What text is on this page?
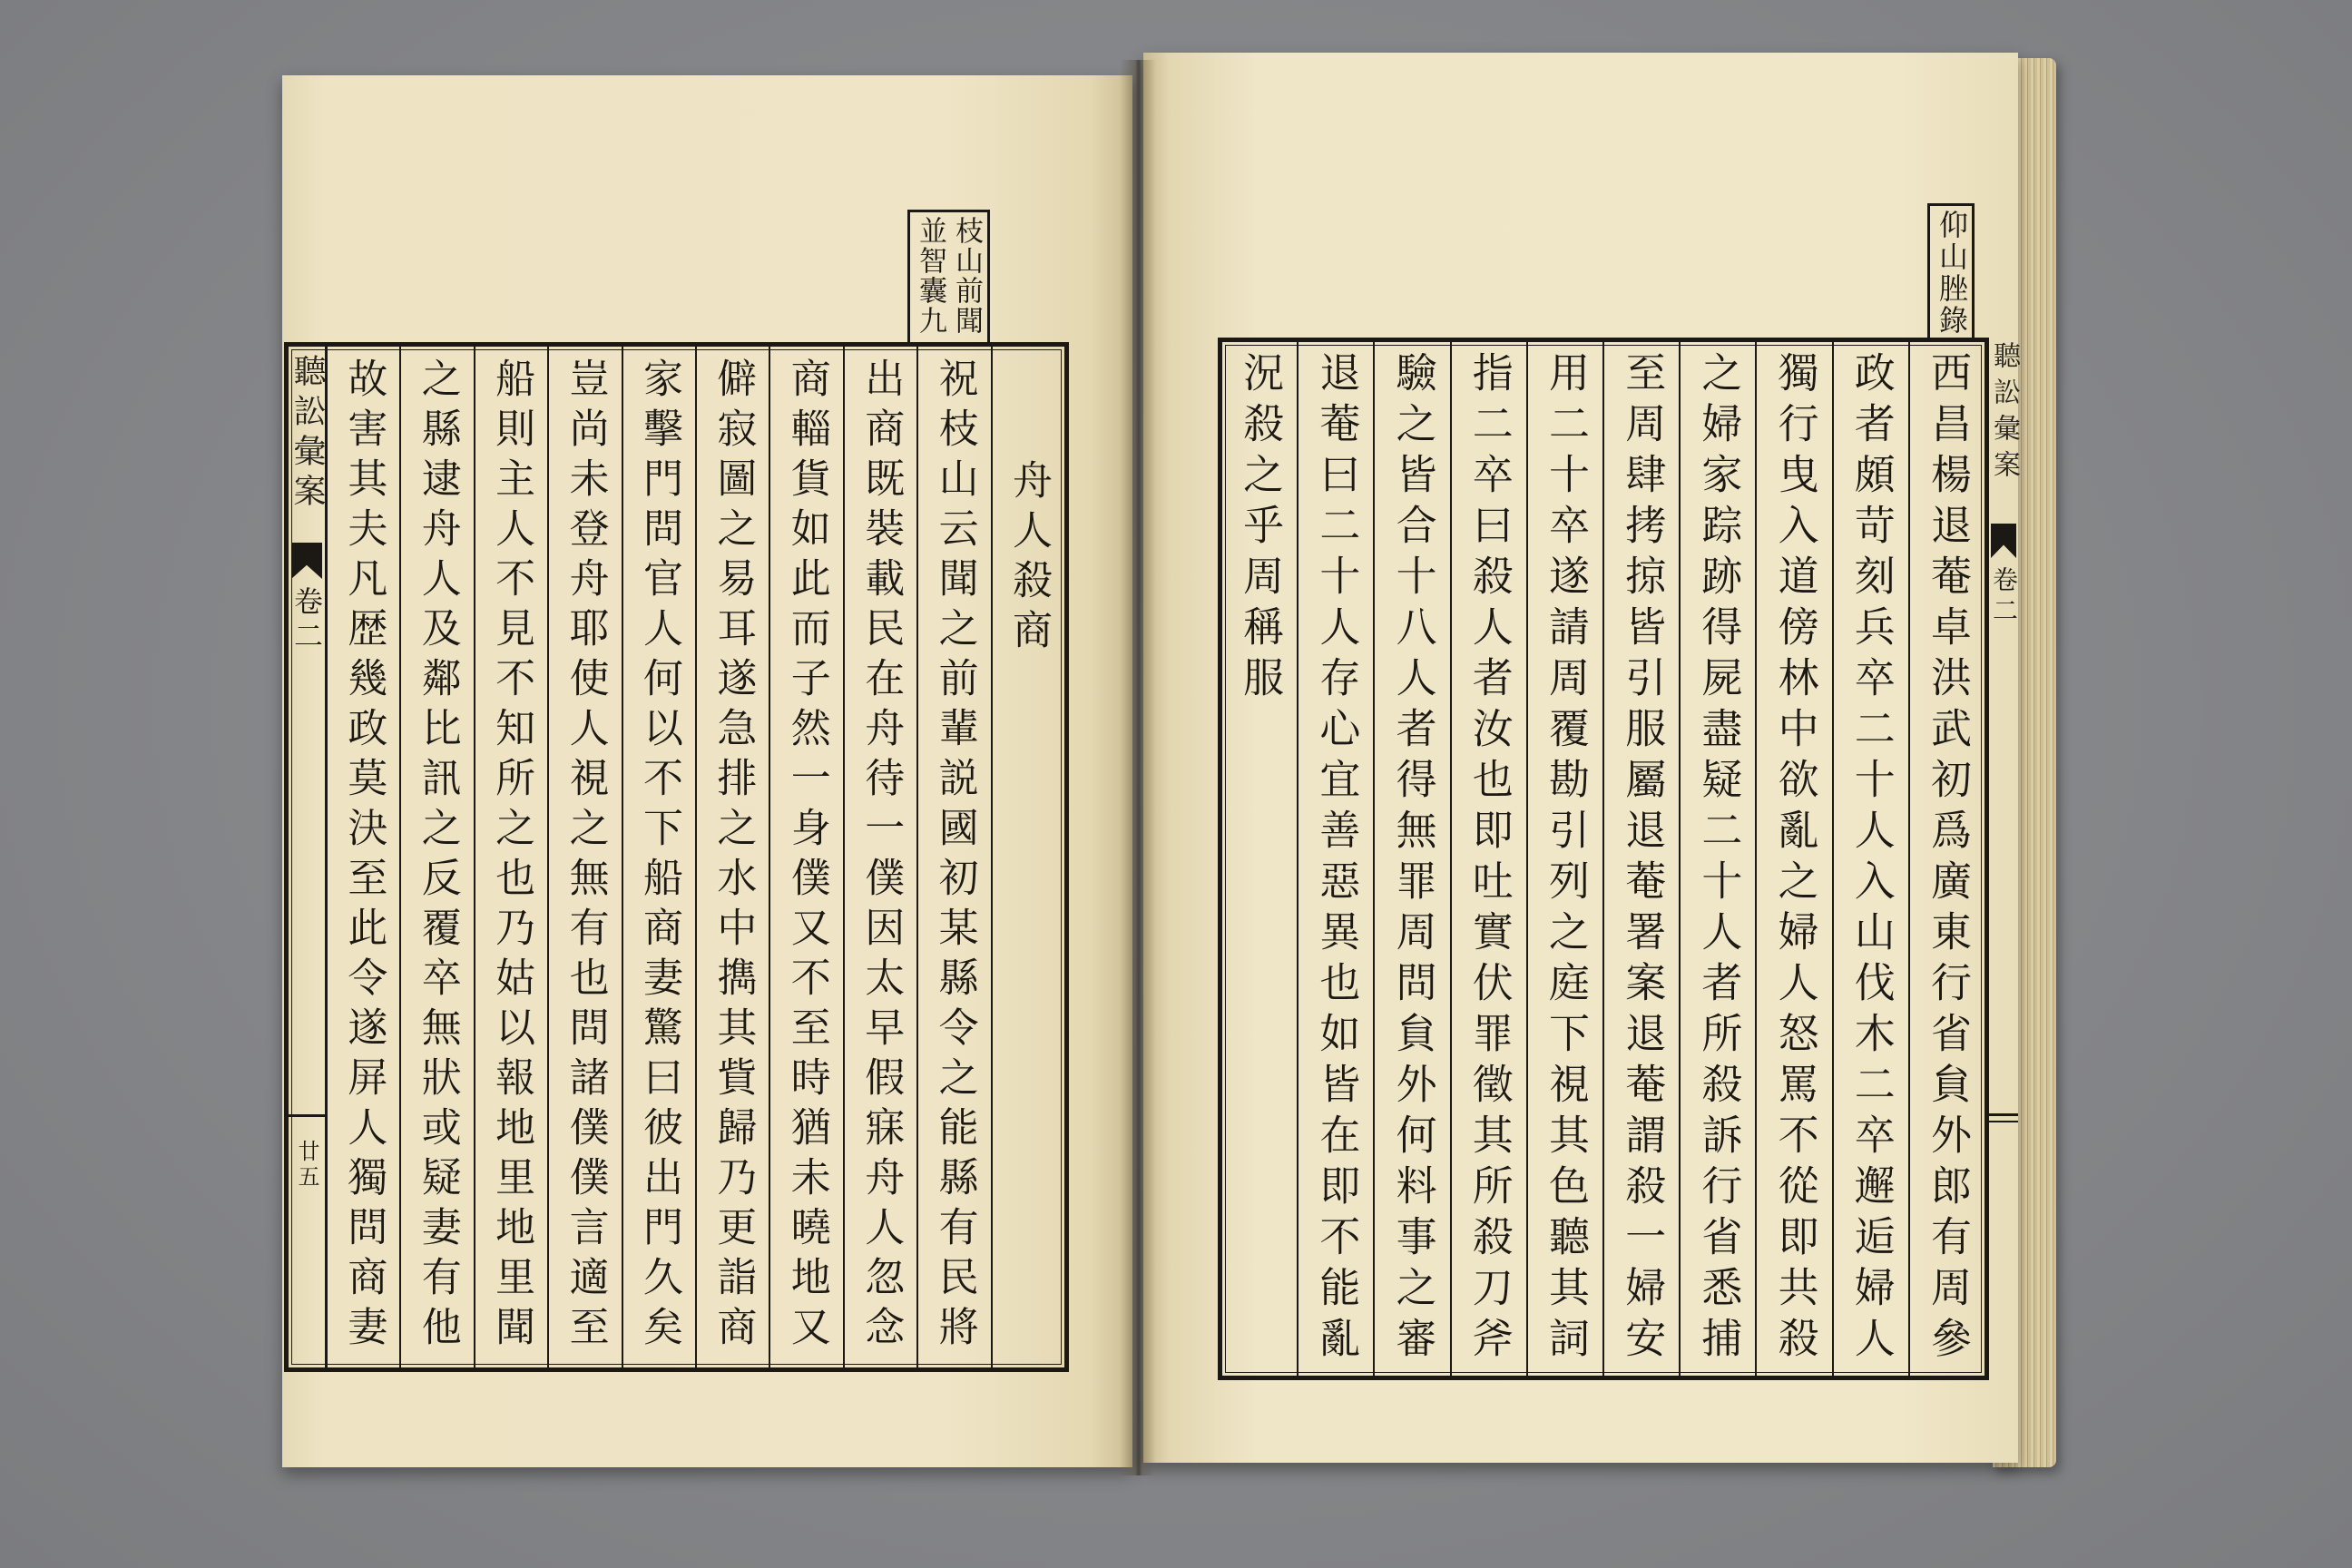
枝山前聞
並智囊九
聽訟彙案
卷二
廿五
舟人殺商
祝枝山云聞之前輩説國初某縣令之能縣有民將
出商既裝載民在舟待一僕因太早假寐舟人忽念
商輜貨如此而子然一身僕又不至時猶未曉地又
僻寂圖之易耳遂急排之水中擕其貲歸乃更詣商
家擊門問官人何以不下船商妻驚曰彼出門久矣
豈尚未登舟耶使人視之無有也問諸僕僕言適至
船則主人不見不知所之也乃姑以報地里地里聞
之縣逮舟人及鄰比訊之反覆卒無狀或疑妻有他
故害其夫凡歴幾政莫決至此令遂屏人獨問商妻
仰山脞錄
西昌楊退菴卓洪武初爲廣東行省貟外郎有周參
政者頗苛刻兵卒二十人入山伐木二卒邂逅婦人
獨行曳入道傍林中欲亂之婦人怒罵不從即共殺
之婦家踪跡得屍盡疑二十人者所殺訴行省悉捕
至周肆拷掠皆引服屬退菴署案退菴謂殺一婦安
用二十卒遂請周覆勘引列之庭下視其色聽其詞
指二卒曰殺人者汝也即吐實伏罪徵其所殺刀斧
驗之皆合十八人者得無罪周問貟外何料事之審
退菴曰二十人存心宜善惡異也如皆在即不能亂
況殺之乎周稱服	聽訟彙案
卷二
